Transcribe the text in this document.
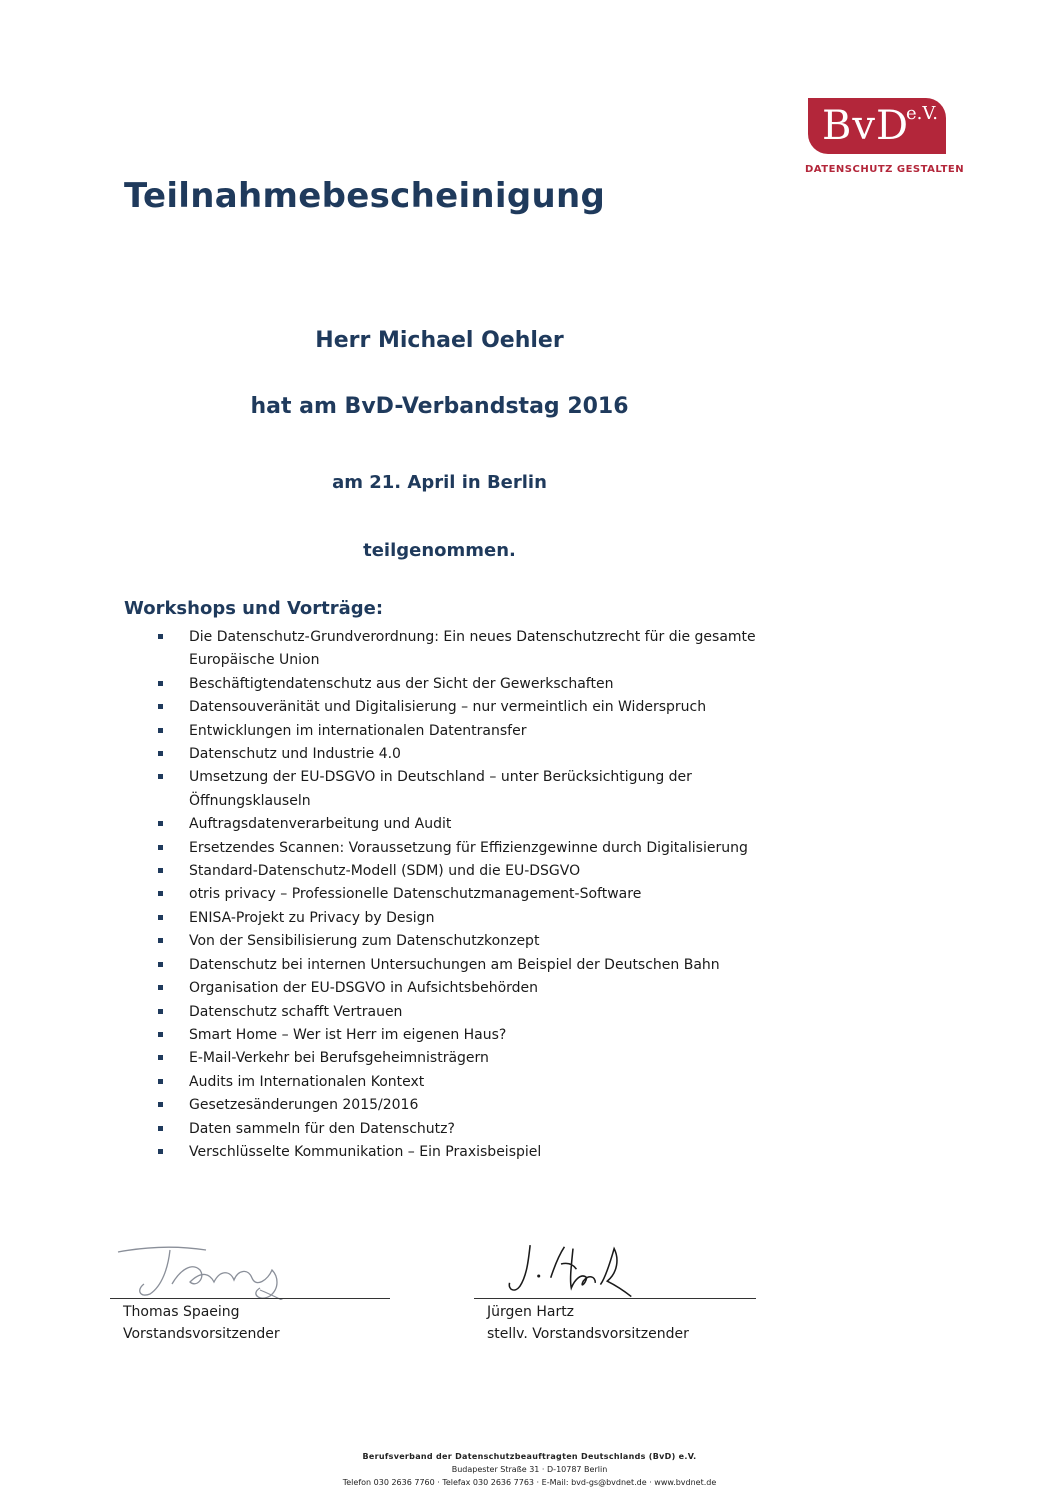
BvD
e.V.
DATENSCHUTZ GESTALTEN
Teilnahmebescheinigung
Herr Michael Oehler
hat am BvD-Verbandstag 2016
am 21. April in Berlin
teilgenommen.
Workshops und Vorträge:
Die Datenschutz-Grundverordnung: Ein neues Datenschutzrecht für die gesamte Europäische Union
Beschäftigtendatenschutz aus der Sicht der Gewerkschaften
Datensouveränität und Digitalisierung – nur vermeintlich ein Widerspruch
Entwicklungen im internationalen Datentransfer
Datenschutz und Industrie 4.0
Umsetzung der EU-DSGVO in Deutschland – unter Berücksichtigung der Öffnungsklauseln
Auftragsdatenverarbeitung und Audit
Ersetzendes Scannen: Voraussetzung für Effizienzgewinne durch Digitalisierung
Standard-Datenschutz-Modell (SDM) und die EU-DSGVO
otris privacy – Professionelle Datenschutzmanagement-Software
ENISA-Projekt zu Privacy by Design
Von der Sensibilisierung zum Datenschutzkonzept
Datenschutz bei internen Untersuchungen am Beispiel der Deutschen Bahn
Organisation der EU-DSGVO in Aufsichtsbehörden
Datenschutz schafft Vertrauen
Smart Home – Wer ist Herr im eigenen Haus?
E-Mail-Verkehr bei Berufsgeheimnisträgern
Audits im Internationalen Kontext
Gesetzesänderungen 2015/2016
Daten sammeln für den Datenschutz?
Verschlüsselte Kommunikation – Ein Praxisbeispiel
Thomas Spaeing
Vorstandsvorsitzender
Jürgen Hartz
stellv. Vorstandsvorsitzender
Berufsverband der Datenschutzbeauftragten Deutschlands (BvD) e.V.
Budapester Straße 31 · D-10787 Berlin
Telefon 030 2636 7760 · Telefax 030 2636 7763 · E-Mail: bvd-gs@bvdnet.de · www.bvdnet.de
